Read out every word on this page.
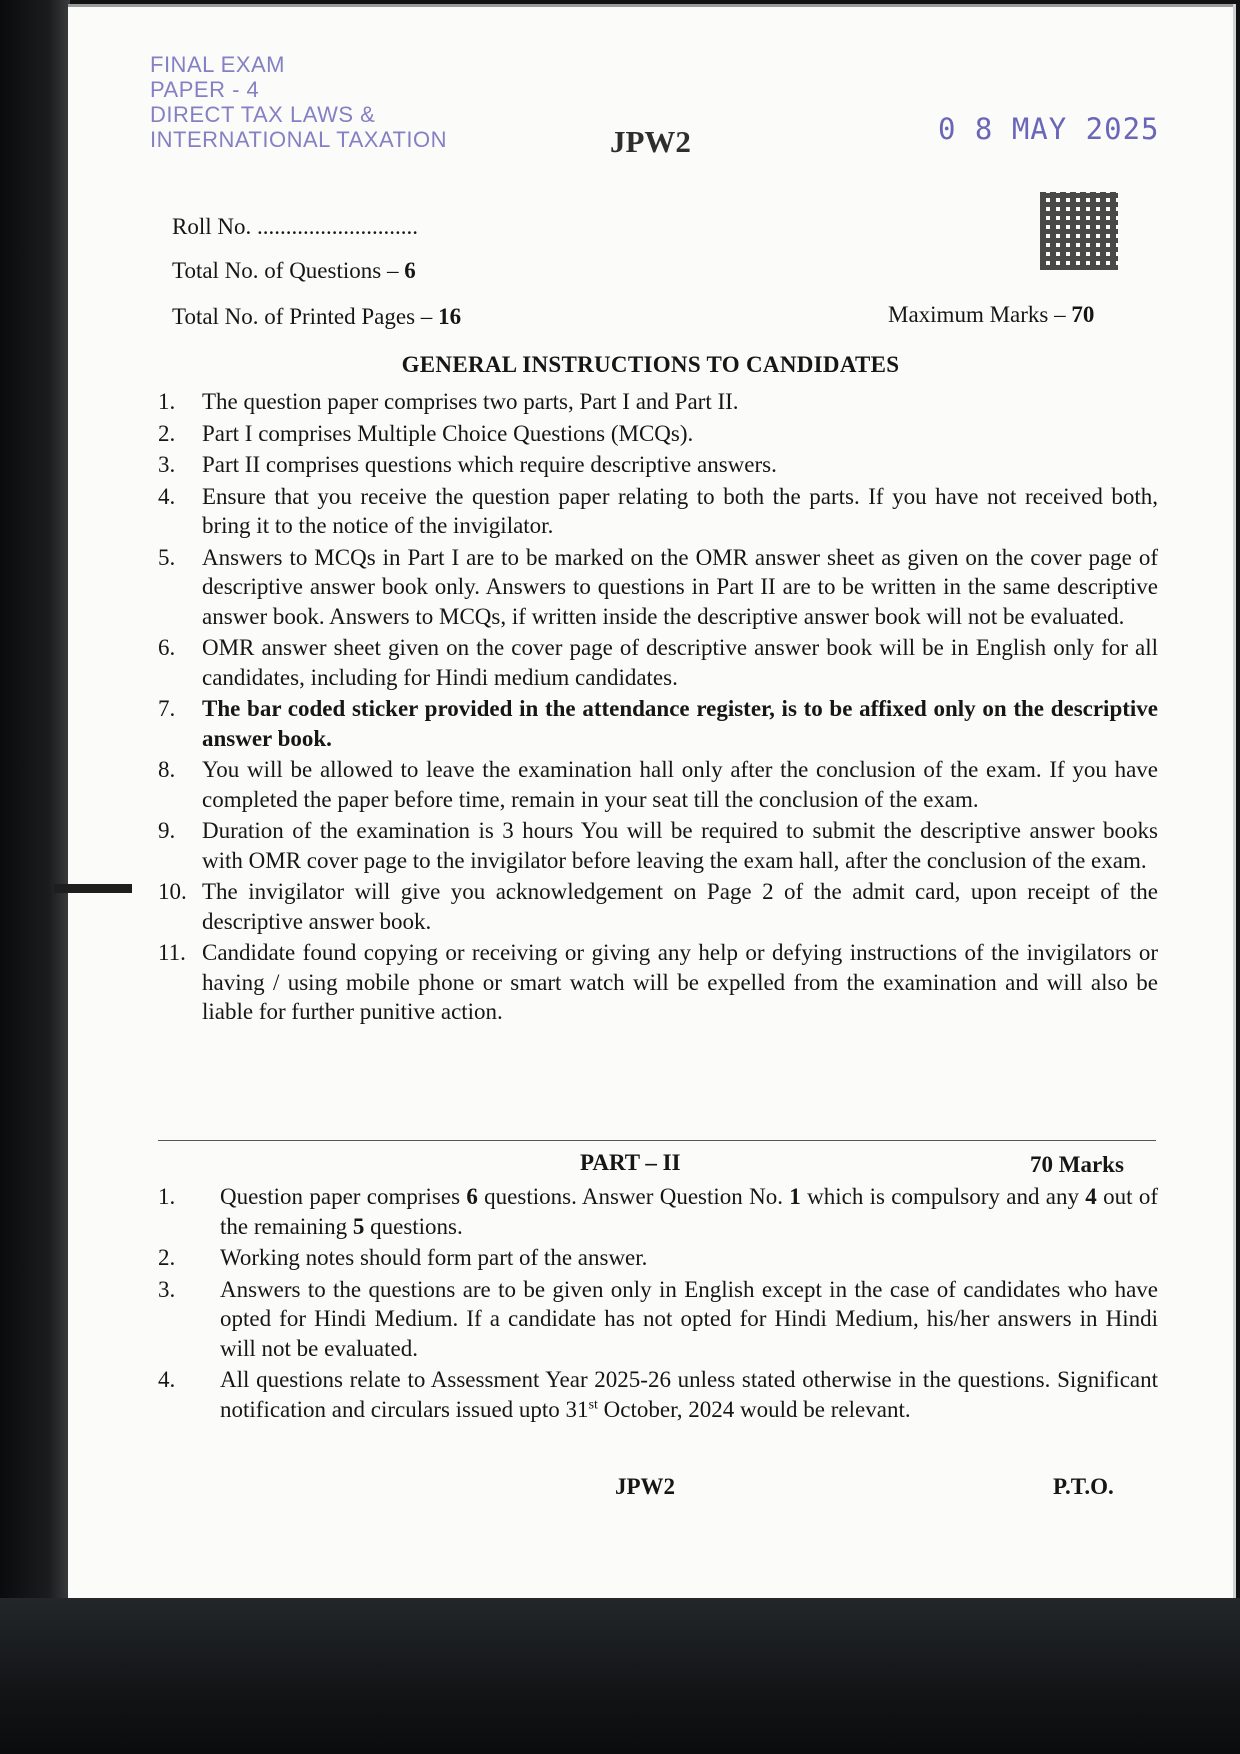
FINAL EXAM
PAPER - 4
DIRECT TAX LAWS &
INTERNATIONAL TAXATION	JPW2	0 8 MAY 2025
Roll No. ............................
Total No. of Questions – 6
Total No. of Printed Pages – 16	Maximum Marks – 70
GENERAL INSTRUCTIONS TO CANDIDATES
1.	The question paper comprises two parts, Part I and Part II.
2.	Part I comprises Multiple Choice Questions (MCQs).
3.	Part II comprises questions which require descriptive answers.
4.	Ensure that you receive the question paper relating to both the parts. If you have not received both, bring it to the notice of the invigilator.
5.	Answers to MCQs in Part I are to be marked on the OMR answer sheet as given on the cover page of descriptive answer book only. Answers to questions in Part II are to be written in the same descriptive answer book. Answers to MCQs, if written inside the descriptive answer book will not be evaluated.
6.	OMR answer sheet given on the cover page of descriptive answer book will be in English only for all candidates, including for Hindi medium candidates.
7.	The bar coded sticker provided in the attendance register, is to be affixed only on the descriptive answer book.
8.	You will be allowed to leave the examination hall only after the conclusion of the exam. If you have completed the paper before time, remain in your seat till the conclusion of the exam.
9.	Duration of the examination is 3 hours You will be required to submit the descriptive answer books with OMR cover page to the invigilator before leaving the exam hall, after the conclusion of the exam.
10. The invigilator will give you acknowledgement on Page 2 of the admit card, upon receipt of the descriptive answer book.
11. Candidate found copying or receiving or giving any help or defying instructions of the invigilators or having / using mobile phone or smart watch will be expelled from the examination and will also be liable for further punitive action.
PART – II	70 Marks
1.	Question paper comprises 6 questions. Answer Question No. 1 which is compulsory and any 4 out of the remaining 5 questions.
2.	Working notes should form part of the answer.
3.	Answers to the questions are to be given only in English except in the case of candidates who have opted for Hindi Medium. If a candidate has not opted for Hindi Medium, his/her answers in Hindi will not be evaluated.
4.	All questions relate to Assessment Year 2025-26 unless stated otherwise in the questions. Significant notification and circulars issued upto 31st October, 2024 would be relevant.
JPW2	P.T.O.
